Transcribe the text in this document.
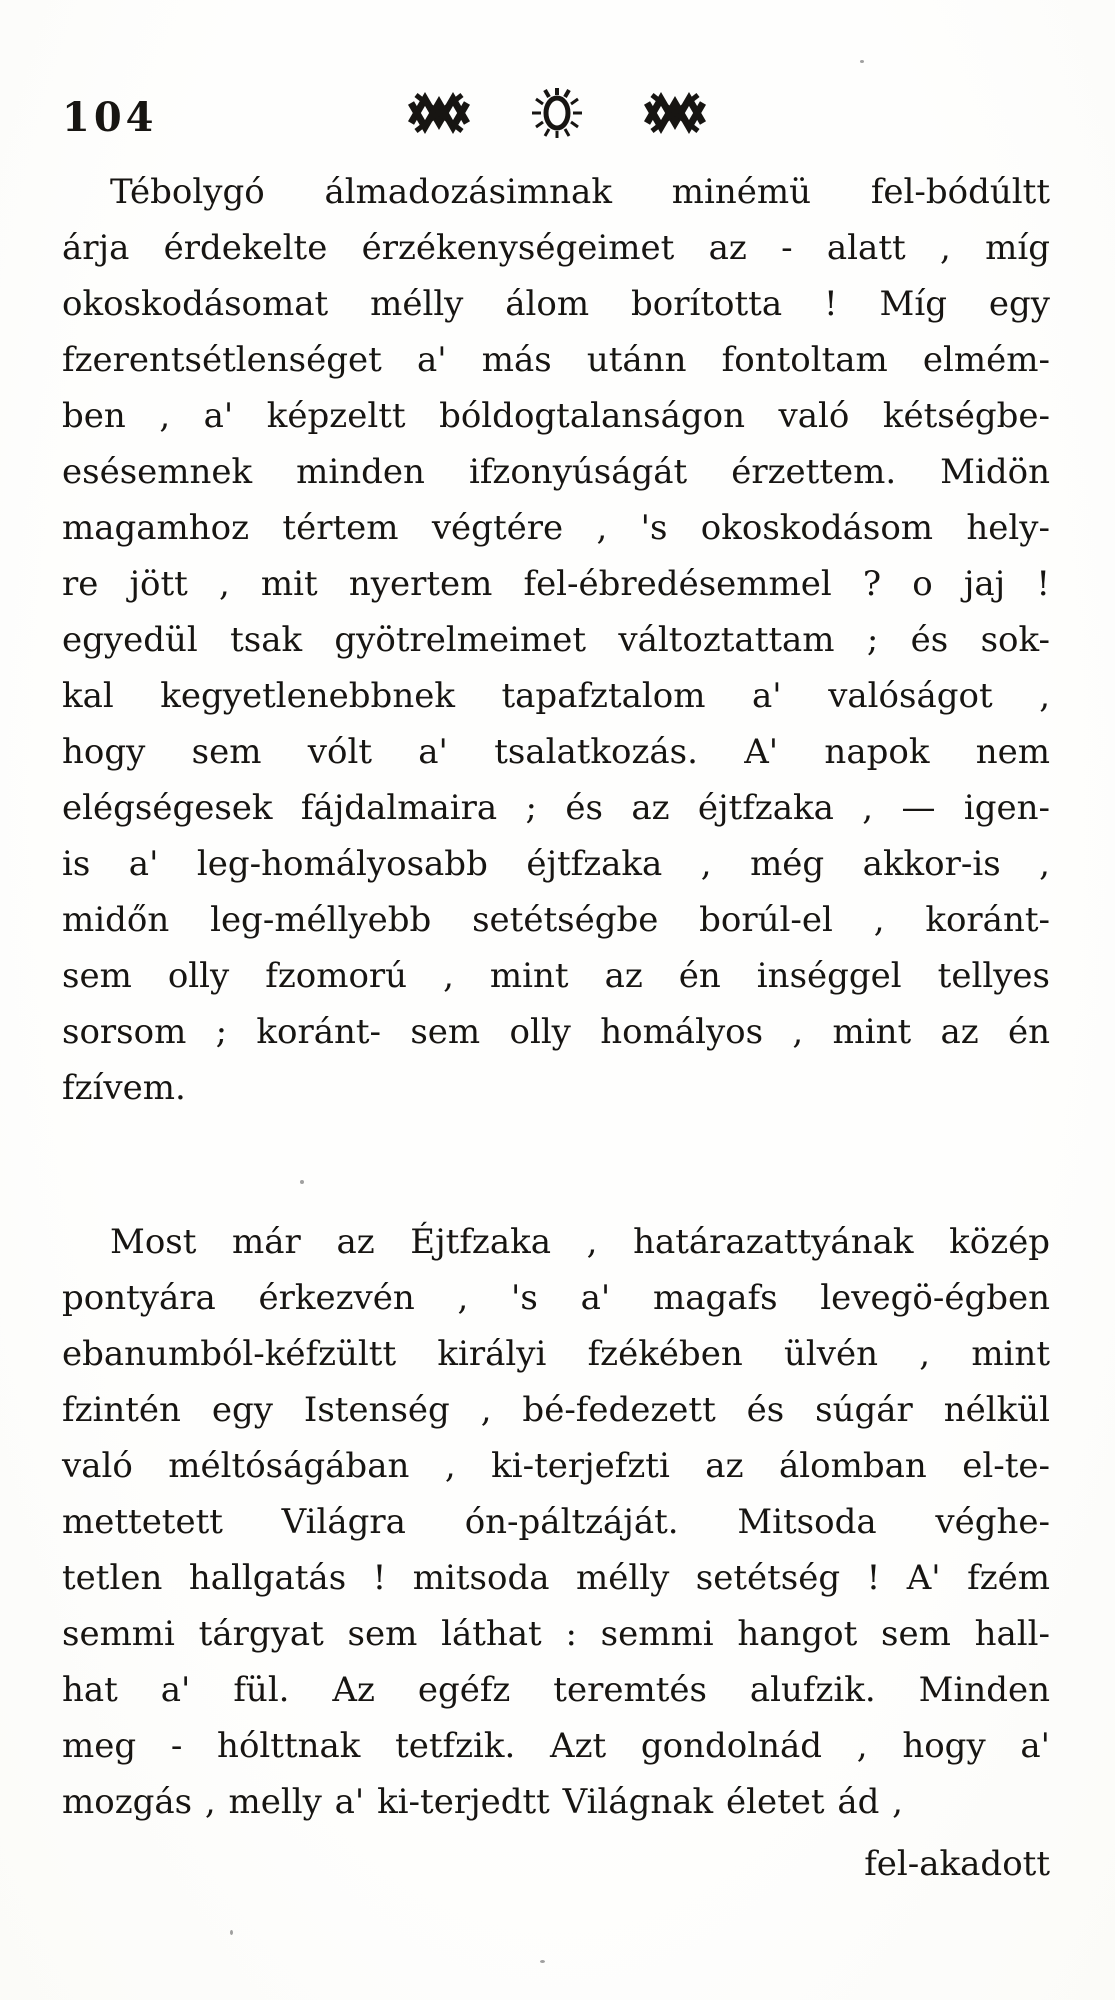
104
Tébolygó álmadozásimnak minémü fel-bódúltt
árja érdekelte érzékenységeimet az - alatt , míg
okoskodásomat mélly álom borította ! Míg egy
fzerentsétlenséget a' más utánn fontoltam elmém-
ben , a' képzeltt bóldogtalanságon való kétségbe-
esésemnek minden ifzonyúságát érzettem. Midön
magamhoz tértem végtére , 's okoskodásom hely-
re jött , mit nyertem fel-ébredésemmel ? o jaj !
egyedül tsak gyötrelmeimet változtattam ; és sok-
kal kegyetlenebbnek tapafztalom a' valóságot ,
hogy sem vólt a' tsalatkozás. A' napok nem
elégségesek fájdalmaira ; és az éjtfzaka , — igen-
is a' leg-homályosabb éjtfzaka , még akkor-is ,
midőn leg-méllyebb setétségbe borúl-el , koránt-
sem olly fzomorú , mint az én inséggel tellyes
sorsom ; koránt- sem olly homályos , mint az én
fzívem.
Most már az Éjtfzaka , határazattyának közép
pontyára érkezvén , 's a' magafs levegö-égben
ebanumból-kéfzültt királyi fzékében ülvén , mint
fzintén egy Istenség , bé-fedezett és súgár nélkül
való méltóságában , ki-terjefzti az álomban el-te-
mettetett Világra ón-páltzáját. Mitsoda véghe-
tetlen hallgatás ! mitsoda mélly setétség ! A' fzém
semmi tárgyat sem láthat : semmi hangot sem hall-
hat a' fül. Az egéfz teremtés alufzik. Minden
meg - hólttnak tetfzik. Azt gondolnád , hogy a'
mozgás , melly a' ki-terjedtt Világnak életet ád ,
fel-akadott
